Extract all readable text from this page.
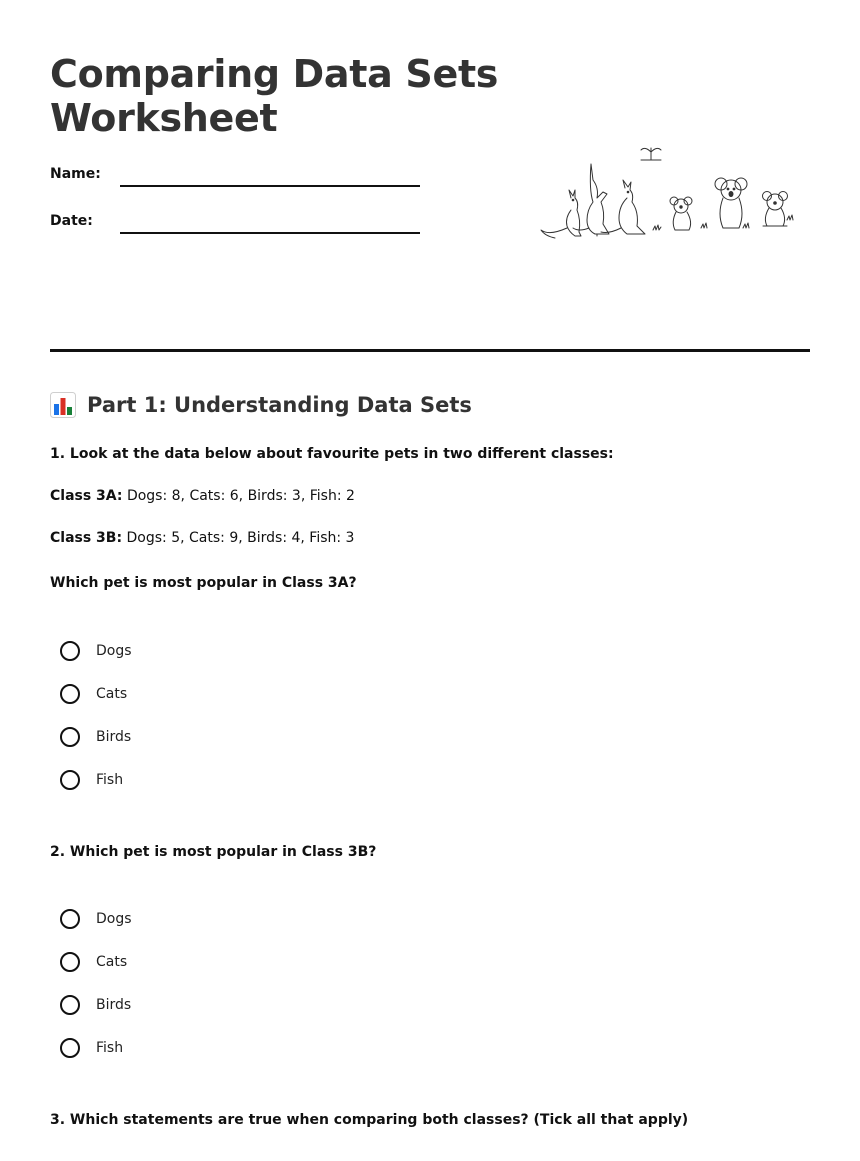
Comparing Data Sets Worksheet
Name:
Date:
Part 1: Understanding Data Sets

1. Look at the data below about favourite pets in two different classes:

Class 3A: Dogs: 8, Cats: 6, Birds: 3, Fish: 2

Class 3B: Dogs: 5, Cats: 9, Birds: 4, Fish: 3

Which pet is most popular in Class 3A?

Dogs
Cats
Birds
Fish

2. Which pet is most popular in Class 3B?

Dogs
Cats
Birds
Fish

3. Which statements are true when comparing both classes? (Tick all that apply)
